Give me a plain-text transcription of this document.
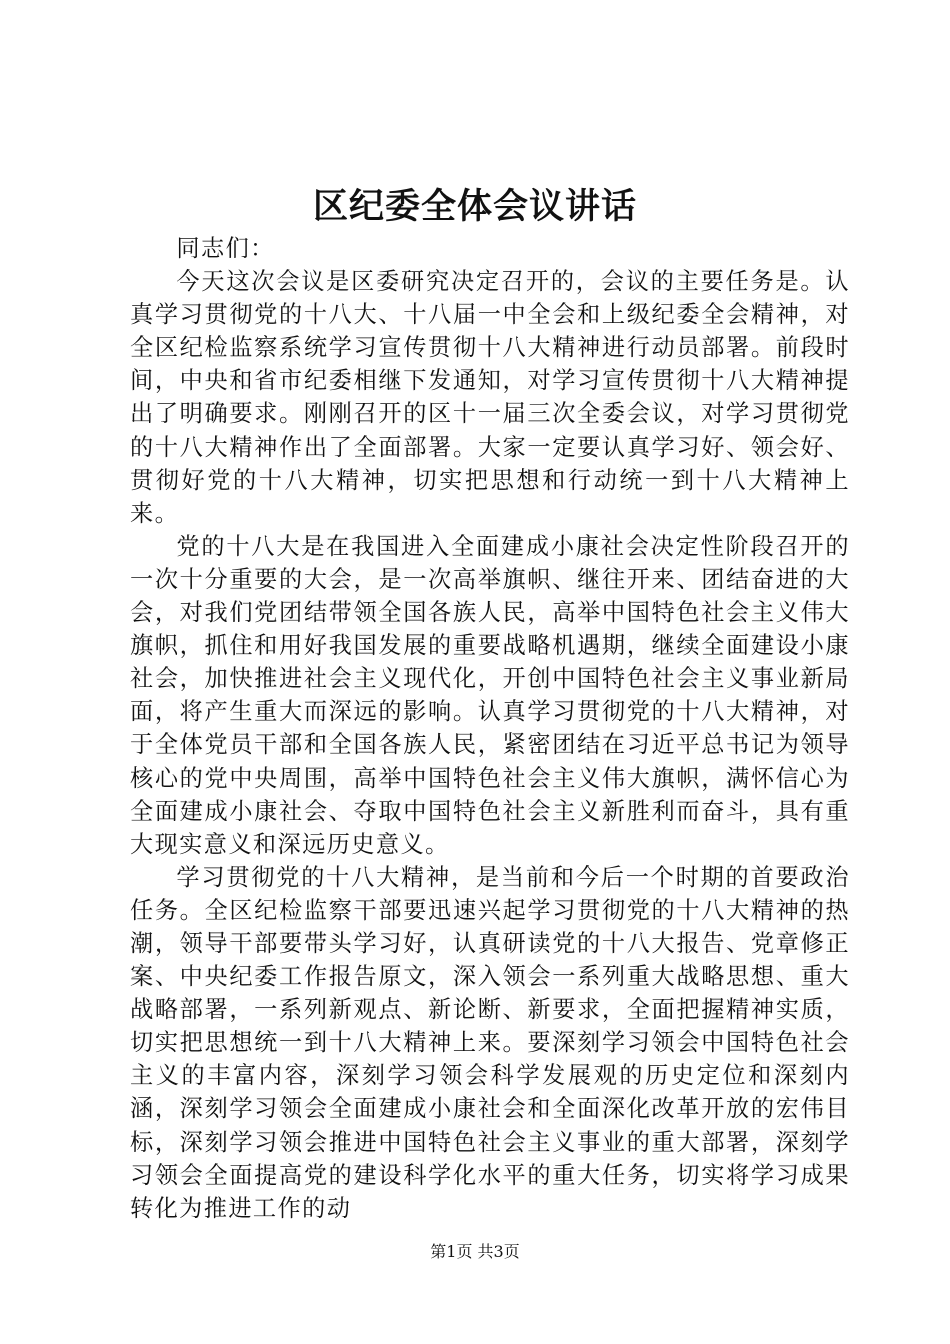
区纪委全体会议讲话

同志们：

今天这次会议是区委研究决定召开的，会议的主要任务是。认真学习贯彻党的十八大、十八届一中全会和上级纪委全会精神，对全区纪检监察系统学习宣传贯彻十八大精神进行动员部署。前段时间，中央和省市纪委相继下发通知，对学习宣传贯彻十八大精神提出了明确要求。刚刚召开的区十一届三次全委会议，对学习贯彻党的十八大精神作出了全面部署。大家一定要认真学习好、领会好、贯彻好党的十八大精神，切实把思想和行动统一到十八大精神上来。

党的十八大是在我国进入全面建成小康社会决定性阶段召开的一次十分重要的大会，是一次高举旗帜、继往开来、团结奋进的大会，对我们党团结带领全国各族人民，高举中国特色社会主义伟大旗帜，抓住和用好我国发展的重要战略机遇期，继续全面建设小康社会，加快推进社会主义现代化，开创中国特色社会主义事业新局面，将产生重大而深远的影响。认真学习贯彻党的十八大精神，对于全体党员干部和全国各族人民，紧密团结在习近平总书记为领导核心的党中央周围，高举中国特色社会主义伟大旗帜，满怀信心为全面建成小康社会、夺取中国特色社会主义新胜利而奋斗，具有重大现实意义和深远历史意义。

学习贯彻党的十八大精神，是当前和今后一个时期的首要政治任务。全区纪检监察干部要迅速兴起学习贯彻党的十八大精神的热潮，领导干部要带头学习好，认真研读党的十八大报告、党章修正案、中央纪委工作报告原文，深入领会一系列重大战略思想、重大战略部署，一系列新观点、新论断、新要求，全面把握精神实质，切实把思想统一到十八大精神上来。要深刻学习领会中国特色社会主义的丰富内容，深刻学习领会科学发展观的历史定位和深刻内涵，深刻学习领会全面建成小康社会和全面深化改革开放的宏伟目标，深刻学习领会推进中国特色社会主义事业的重大部署，深刻学习领会全面提高党的建设科学化水平的重大任务，切实将学习成果转化为推进工作的动

第1页 共3页
